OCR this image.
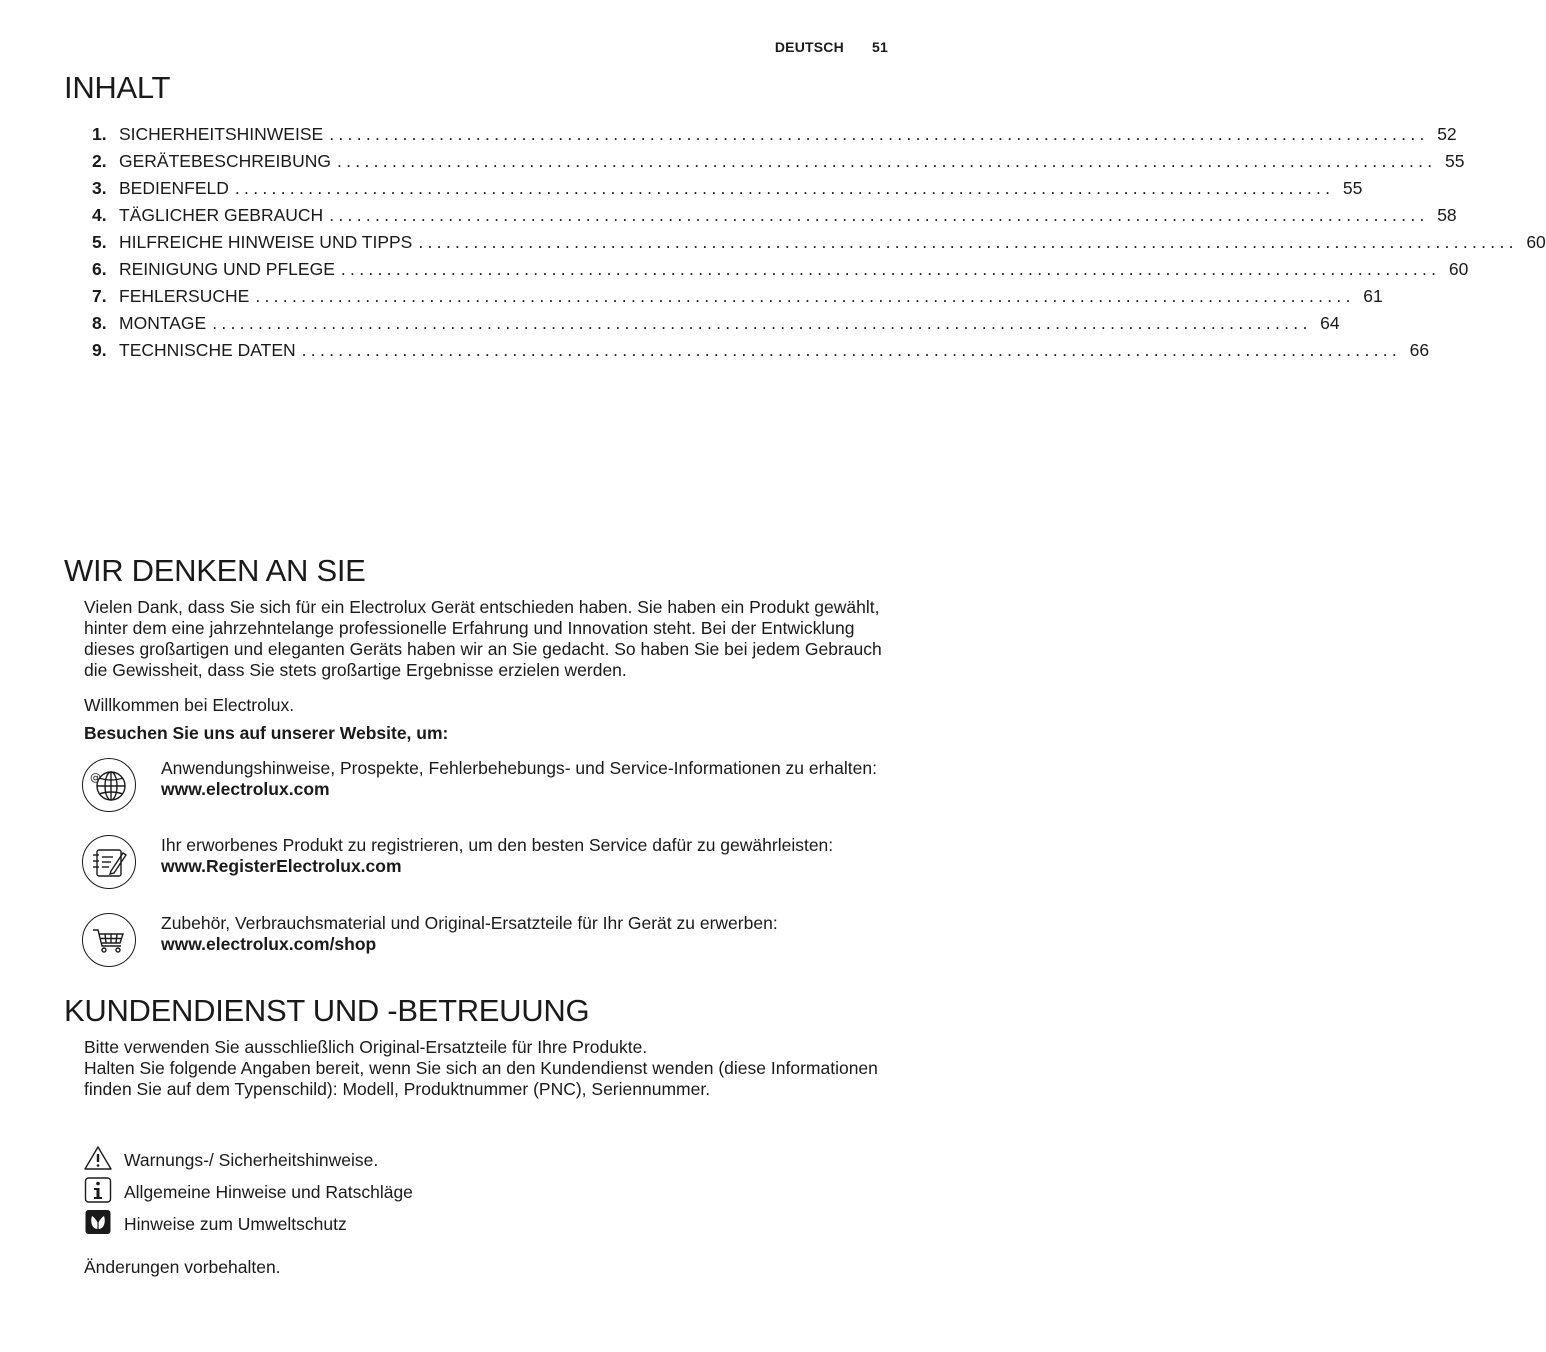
DEUTSCH 51
INHALT
1. SICHERHEITSHINWEISE ........................................................................................................................ 52
2. GERÄTEBESCHREIBUNG ........................................................................................................................ 55
3. BEDIENFELD ........................................................................................................................ 55
4. TÄGLICHER GEBRAUCH ........................................................................................................................ 58
5. HILFREICHE HINWEISE UND TIPPS ........................................................................................................................ 60
6. REINIGUNG UND PFLEGE ........................................................................................................................ 60
7. FEHLERSUCHE ........................................................................................................................ 61
8. MONTAGE ........................................................................................................................ 64
9. TECHNISCHE DATEN ........................................................................................................................ 66
WIR DENKEN AN SIE

Vielen Dank, dass Sie sich für ein Electrolux Gerät entschieden haben. Sie haben ein Produkt gewählt, hinter dem eine jahrzehntelange professionelle Erfahrung und Innovation steht. Bei der Entwicklung dieses großartigen und eleganten Geräts haben wir an Sie gedacht. So haben Sie bei jedem Gebrauch die Gewissheit, dass Sie stets großartige Ergebnisse erzielen werden.

Willkommen bei Electrolux.

Besuchen Sie uns auf unserer Website, um:

@	Anwendungshinweise, Prospekte, Fehlerbehebungs- und Service-Informationen zu erhalten:
www.electrolux.com
Ihr erworbenes Produkt zu registrieren, um den besten Service dafür zu gewährleisten:
www.RegisterElectrolux.com
Zubehör, Verbrauchsmaterial und Original-Ersatzteile für Ihr Gerät zu erwerben:
www.electrolux.com/shop
KUNDENDIENST UND -BETREUUNG

Bitte verwenden Sie ausschließlich Original-Ersatzteile für Ihre Produkte.

Halten Sie folgende Angaben bereit, wenn Sie sich an den Kundendienst wenden (diese Informationen finden Sie auf dem Typenschild): Modell, Produktnummer (PNC), Seriennummer.

Warnungs-/ Sicherheitshinweise.
Allgemeine Hinweise und Ratschläge
Hinweise zum Umweltschutz

Änderungen vorbehalten.
